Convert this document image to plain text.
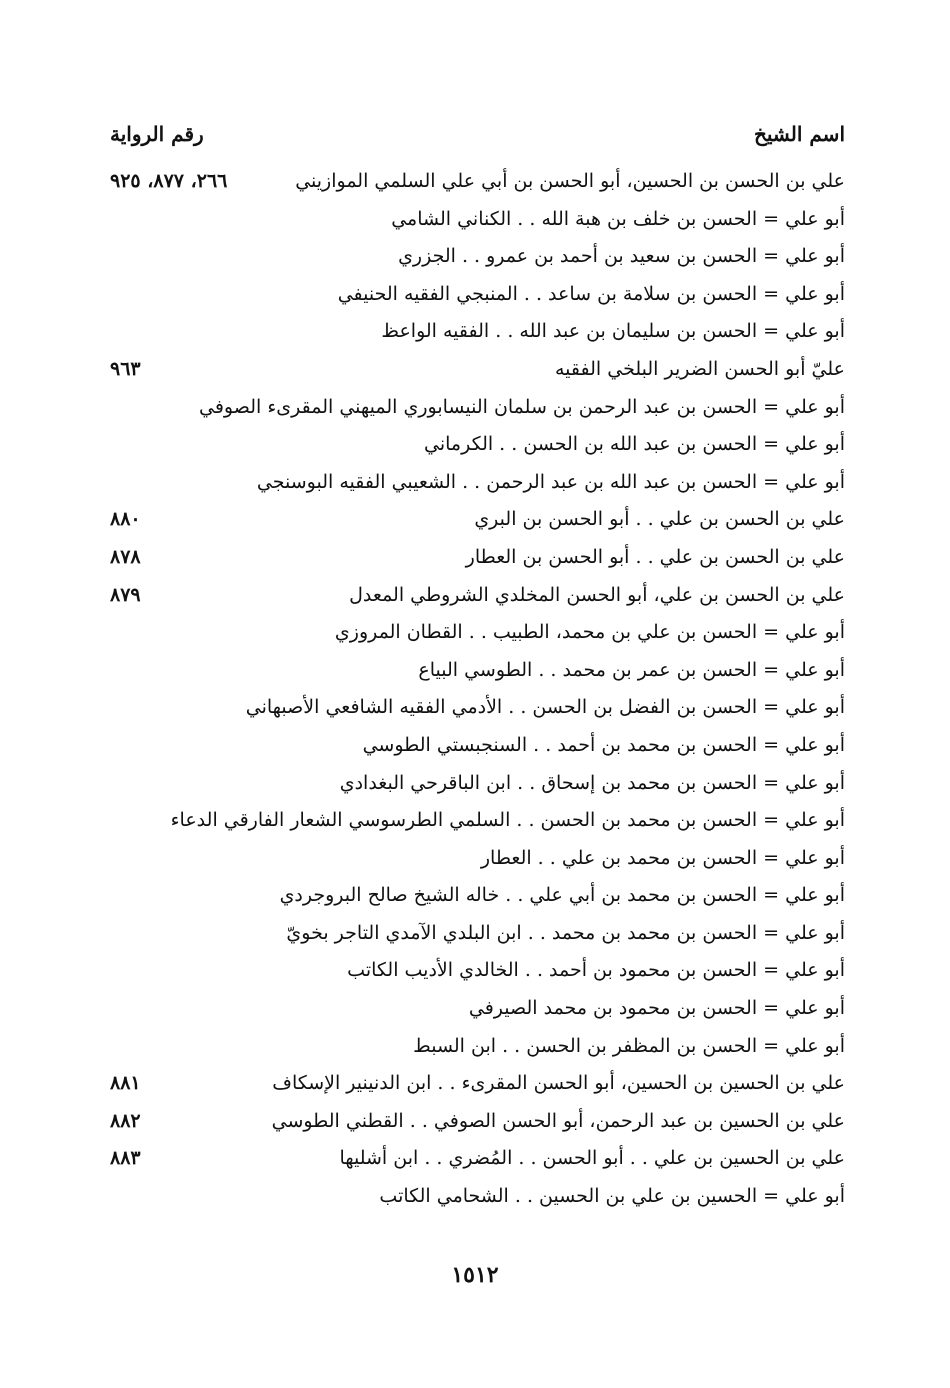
اسم الشيخ
رقم الرواية
علي بن الحسن بن الحسين، أبو الحسن بن أبي علي السلمي الموازيني
٢٦٦، ٨٧٧، ٩٢٥
أبو علي = الحسن بن خلف بن هبة الله . . الكناني الشامي
أبو علي = الحسن بن سعيد بن أحمد بن عمرو . . الجزري
أبو علي = الحسن بن سلامة بن ساعد . . المنبجي الفقيه الحنيفي
أبو علي = الحسن بن سليمان بن عبد الله . . الفقيه الواعظ
عليّ أبو الحسن الضرير البلخي الفقيه
٩٦٣
أبو علي = الحسن بن عبد الرحمن بن سلمان النيسابوري الميهني المقرىء الصوفي
أبو علي = الحسن بن عبد الله بن الحسن . . الكرماني
أبو علي = الحسن بن عبد الله بن عبد الرحمن . . الشعيبي الفقيه البوسنجي
علي بن الحسن بن علي . . أبو الحسن بن البري
٨٨٠
علي بن الحسن بن علي . . أبو الحسن بن العطار
٨٧٨
علي بن الحسن بن علي، أبو الحسن المخلدي الشروطي المعدل
٨٧٩
أبو علي = الحسن بن علي بن محمد، الطبيب . . القطان المروزي
أبو علي = الحسن بن عمر بن محمد . . الطوسي البياع
أبو علي = الحسن بن الفضل بن الحسن . . الأدمي الفقيه الشافعي الأصبهاني
أبو علي = الحسن بن محمد بن أحمد . . السنجبستي الطوسي
أبو علي = الحسن بن محمد بن إسحاق . . ابن الباقرحي البغدادي
أبو علي = الحسن بن محمد بن الحسن . . السلمي الطرسوسي الشعار الفارقي الدعاء
أبو علي = الحسن بن محمد بن علي . . العطار
أبو علي = الحسن بن محمد بن أبي علي . . خاله الشيخ صالح البروجردي
أبو علي = الحسن بن محمد بن محمد . . ابن البلدي الآمدي التاجر بخويّ
أبو علي = الحسن بن محمود بن أحمد . . الخالدي الأديب الكاتب
أبو علي = الحسن بن محمود بن محمد الصيرفي
أبو علي = الحسن بن المظفر بن الحسن . . ابن السبط
علي بن الحسين بن الحسين، أبو الحسن المقرىء . . ابن الدنينير الإسكاف
٨٨١
علي بن الحسين بن عبد الرحمن، أبو الحسن الصوفي . . القطني الطوسي
٨٨٢
علي بن الحسين بن علي . . أبو الحسن . . المُضري . . ابن أشليها
٨٨٣
أبو علي = الحسين بن علي بن الحسين . . الشحامي الكاتب
١٥١٢
